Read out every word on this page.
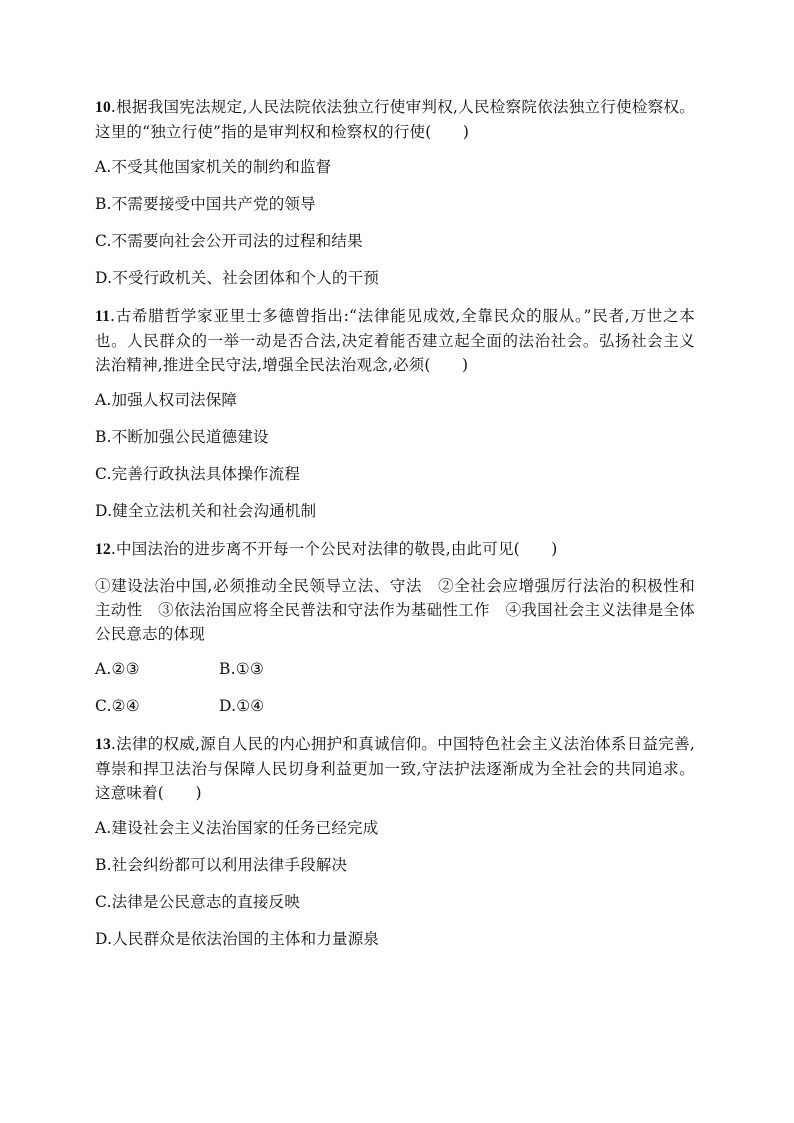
10.根据我国宪法规定,人民法院依法独立行使审判权,人民检察院依法独立行使检察权。这里的“独立行使”指的是审判权和检察权的行使(　　)

A.不受其他国家机关的制约和监督

B.不需要接受中国共产党的领导

C.不需要向社会公开司法的过程和结果

D.不受行政机关、社会团体和个人的干预

11.古希腊哲学家亚里士多德曾指出:“法律能见成效,全靠民众的服从。”民者,万世之本也。人民群众的一举一动是否合法,决定着能否建立起全面的法治社会。弘扬社会主义法治精神,推进全民守法,增强全民法治观念,必须(　　)

A.加强人权司法保障

B.不断加强公民道德建设

C.完善行政执法具体操作流程

D.健全立法机关和社会沟通机制

12.中国法治的进步离不开每一个公民对法律的敬畏,由此可见(　　)

①建设法治中国,必须推动全民领导立法、守法　②全社会应增强厉行法治的积极性和主动性　③依法治国应将全民普法和守法作为基础性工作　④我国社会主义法律是全体公民意志的体现

A.②③	B.①③
C.②④	D.①④

13.法律的权威,源自人民的内心拥护和真诚信仰。中国特色社会主义法治体系日益完善,尊崇和捍卫法治与保障人民切身利益更加一致,守法护法逐渐成为全社会的共同追求。这意味着(　　)

A.建设社会主义法治国家的任务已经完成

B.社会纠纷都可以利用法律手段解决

C.法律是公民意志的直接反映

D.人民群众是依法治国的主体和力量源泉
